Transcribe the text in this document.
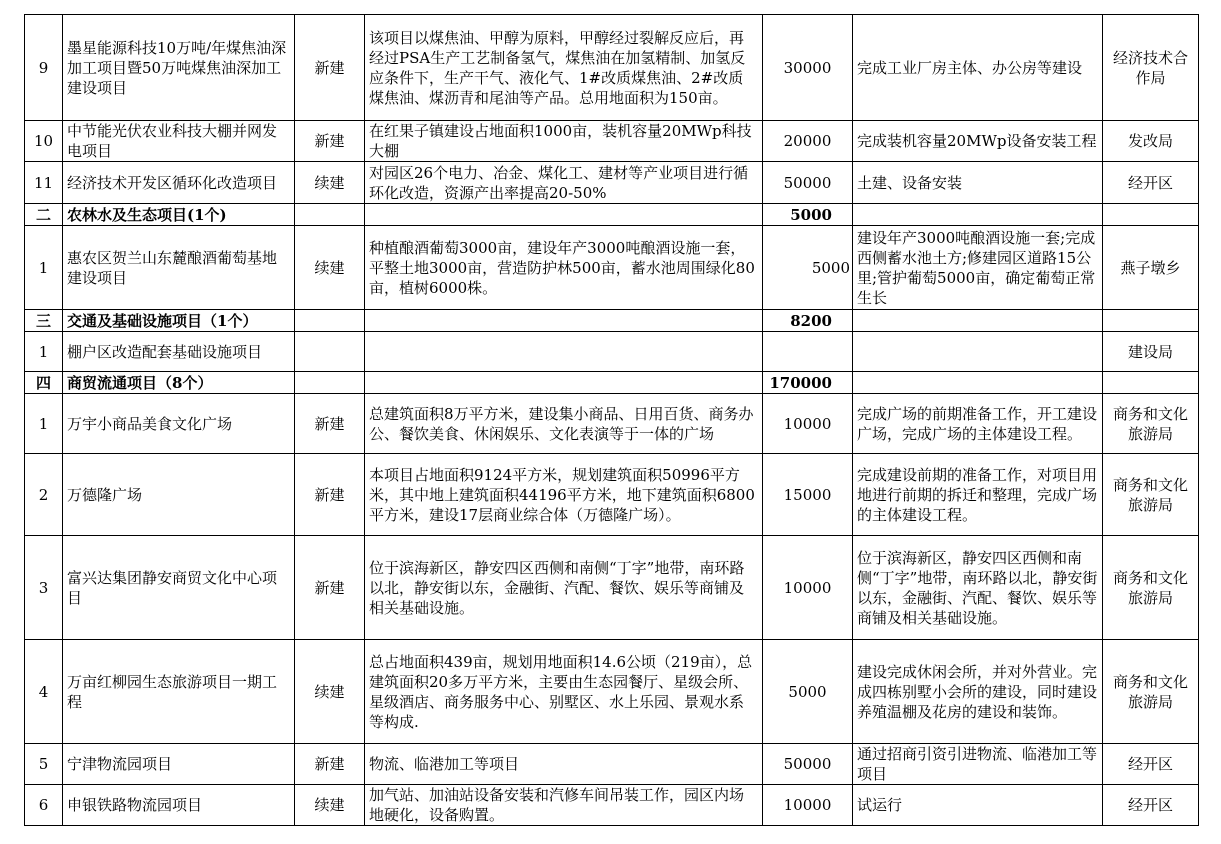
9	墨星能源科技10万吨/年煤焦油深加工项目暨50万吨煤焦油深加工建设项目	新建	该项目以煤焦油、甲醇为原料，甲醇经过裂解反应后，再经过PSA生产工艺制备氢气，煤焦油在加氢精制、加氢反应条件下，生产干气、液化气、1#改质煤焦油、2#改质煤焦油、煤沥青和尾油等产品。总用地面积为150亩。	30000	完成工业厂房主体、办公房等建设	经济技术合作局
10	中节能光伏农业科技大棚并网发电项目	新建	在红果子镇建设占地面积1000亩，装机容量20MWp科技大棚	20000	完成装机容量20MWp设备安装工程	发改局
11	经济技术开发区循环化改造项目	续建	对园区26个电力、冶金、煤化工、建材等产业项目进行循环化改造，资源产出率提高20-50%	50000	土建、设备安装	经开区
二	农林水及生态项目(1个)			5000		
1	惠农区贺兰山东麓酿酒葡萄基地建设项目	续建	种植酿酒葡萄3000亩，建设年产3000吨酿酒设施一套，平整土地3000亩，营造防护林500亩，蓄水池周围绿化80亩，植树6000株。	5000	建设年产3000吨酿酒设施一套;完成西侧蓄水池土方;修建园区道路15公里;管护葡萄5000亩，确定葡萄正常生长	燕子墩乡
三	交通及基础设施项目（1个）			8200		
1	棚户区改造配套基础设施项目					建设局
四	商贸流通项目（8个）			170000		
1	万宇小商品美食文化广场	新建	总建筑面积8万平方米，建设集小商品、日用百货、商务办公、餐饮美食、休闲娱乐、文化表演等于一体的广场	10000	完成广场的前期准备工作，开工建设广场，完成广场的主体建设工程。	商务和文化旅游局
2	万德隆广场	新建	本项目占地面积9124平方米，规划建筑面积50996平方米，其中地上建筑面积44196平方米，地下建筑面积6800平方米，建设17层商业综合体（万德隆广场）。	15000	完成建设前期的准备工作，对项目用地进行前期的拆迁和整理，完成广场的主体建设工程。	商务和文化旅游局
3	富兴达集团静安商贸文化中心项目	新建	位于滨海新区，静安四区西侧和南侧“丁字”地带，南环路以北，静安街以东，金融街、汽配、餐饮、娱乐等商铺及相关基础设施。	10000	位于滨海新区，静安四区西侧和南侧“丁字”地带，南环路以北，静安街以东，金融街、汽配、餐饮、娱乐等商铺及相关基础设施。	商务和文化旅游局
4	万亩红柳园生态旅游项目一期工程	续建	总占地面积439亩，规划用地面积14.6公顷（219亩），总建筑面积20多万平方米，主要由生态园餐厅、星级会所、星级酒店、商务服务中心、别墅区、水上乐园、景观水系等构成.	5000	建设完成休闲会所，并对外营业。完成四栋别墅小会所的建设，同时建设养殖温棚及花房的建设和装饰。	商务和文化旅游局
5	宁津物流园项目	新建	物流、临港加工等项目	50000	通过招商引资引进物流、临港加工等项目	经开区
6	申银铁路物流园项目	续建	加气站、加油站设备安装和汽修车间吊装工作，园区内场地硬化，设备购置。	10000	试运行	经开区
